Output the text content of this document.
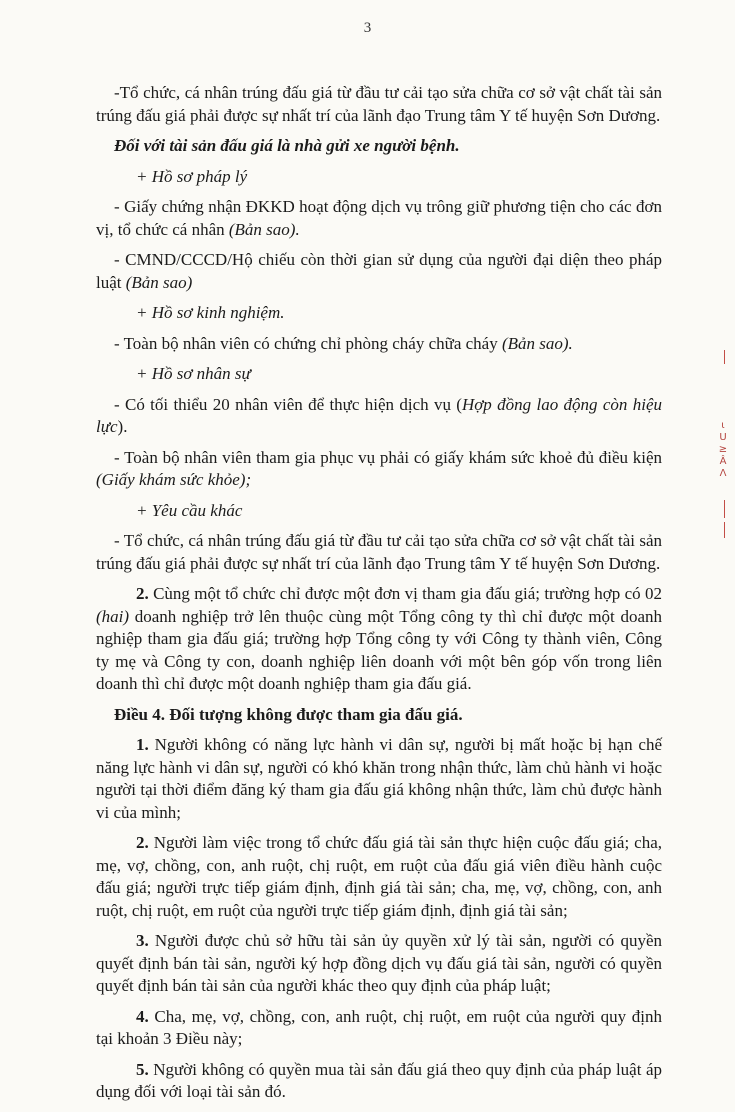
3

-Tổ chức, cá nhân trúng đấu giá từ đầu tư cải tạo sửa chữa cơ sở vật chất tài sản trúng đấu giá phải được sự nhất trí của lãnh đạo Trung tâm Y tế huyện Sơn Dương.

Đối với tài sản đấu giá là nhà gửi xe người bệnh.

+ Hồ sơ pháp lý

- Giấy chứng nhận ĐKKD hoạt động dịch vụ trông giữ phương tiện cho các đơn vị, tổ chức cá nhân (Bản sao).

- CMND/CCCD/Hộ chiếu còn thời gian sử dụng của người đại diện theo pháp luật (Bản sao)

+ Hồ sơ kinh nghiệm.

- Toàn bộ nhân viên có chứng chỉ phòng cháy chữa cháy (Bản sao).

+ Hồ sơ nhân sự

- Có tối thiểu 20 nhân viên để thực hiện dịch vụ (Hợp đồng lao động còn hiệu lực).

- Toàn bộ nhân viên tham gia phục vụ phải có giấy khám sức khoẻ đủ điều kiện (Giấy khám sức khỏe);

+ Yêu cầu khác

- Tổ chức, cá nhân trúng đấu giá từ đầu tư cải tạo sửa chữa cơ sở vật chất tài sản trúng đấu giá phải được sự nhất trí của lãnh đạo Trung tâm Y tế huyện Sơn Dương.

2. Cùng một tổ chức chỉ được một đơn vị tham gia đấu giá; trường hợp có 02 (hai) doanh nghiệp trở lên thuộc cùng một Tổng công ty thì chỉ được một doanh nghiệp tham gia đấu giá; trường hợp Tổng công ty với Công ty thành viên, Công ty mẹ và Công ty con, doanh nghiệp liên doanh với một bên góp vốn trong liên doanh thì chỉ được một doanh nghiệp tham gia đấu giá.

Điều 4. Đối tượng không được tham gia đấu giá.

1. Người không có năng lực hành vi dân sự, người bị mất hoặc bị hạn chế năng lực hành vi dân sự, người có khó khăn trong nhận thức, làm chủ hành vi hoặc người tại thời điểm đăng ký tham gia đấu giá không nhận thức, làm chủ được hành vi của mình;

2. Người làm việc trong tổ chức đấu giá tài sản thực hiện cuộc đấu giá; cha, mẹ, vợ, chồng, con, anh ruột, chị ruột, em ruột của đấu giá viên điều hành cuộc đấu giá; người trực tiếp giám định, định giá tài sản; cha, mẹ, vợ, chồng, con, anh ruột, chị ruột, em ruột của người trực tiếp giám định, định giá tài sản;

3. Người được chủ sở hữu tài sản ủy quyền xử lý tài sản, người có quyền quyết định bán tài sản, người ký hợp đồng dịch vụ đấu giá tài sản, người có quyền quyết định bán tài sản của người khác theo quy định của pháp luật;

4. Cha, mẹ, vợ, chồng, con, anh ruột, chị ruột, em ruột của người quy định tại khoản 3 Điều này;

5. Người không có quyền mua tài sản đấu giá theo quy định của pháp luật áp dụng đối với loại tài sản đó.

ɩ
U
≥
Â
Λ
